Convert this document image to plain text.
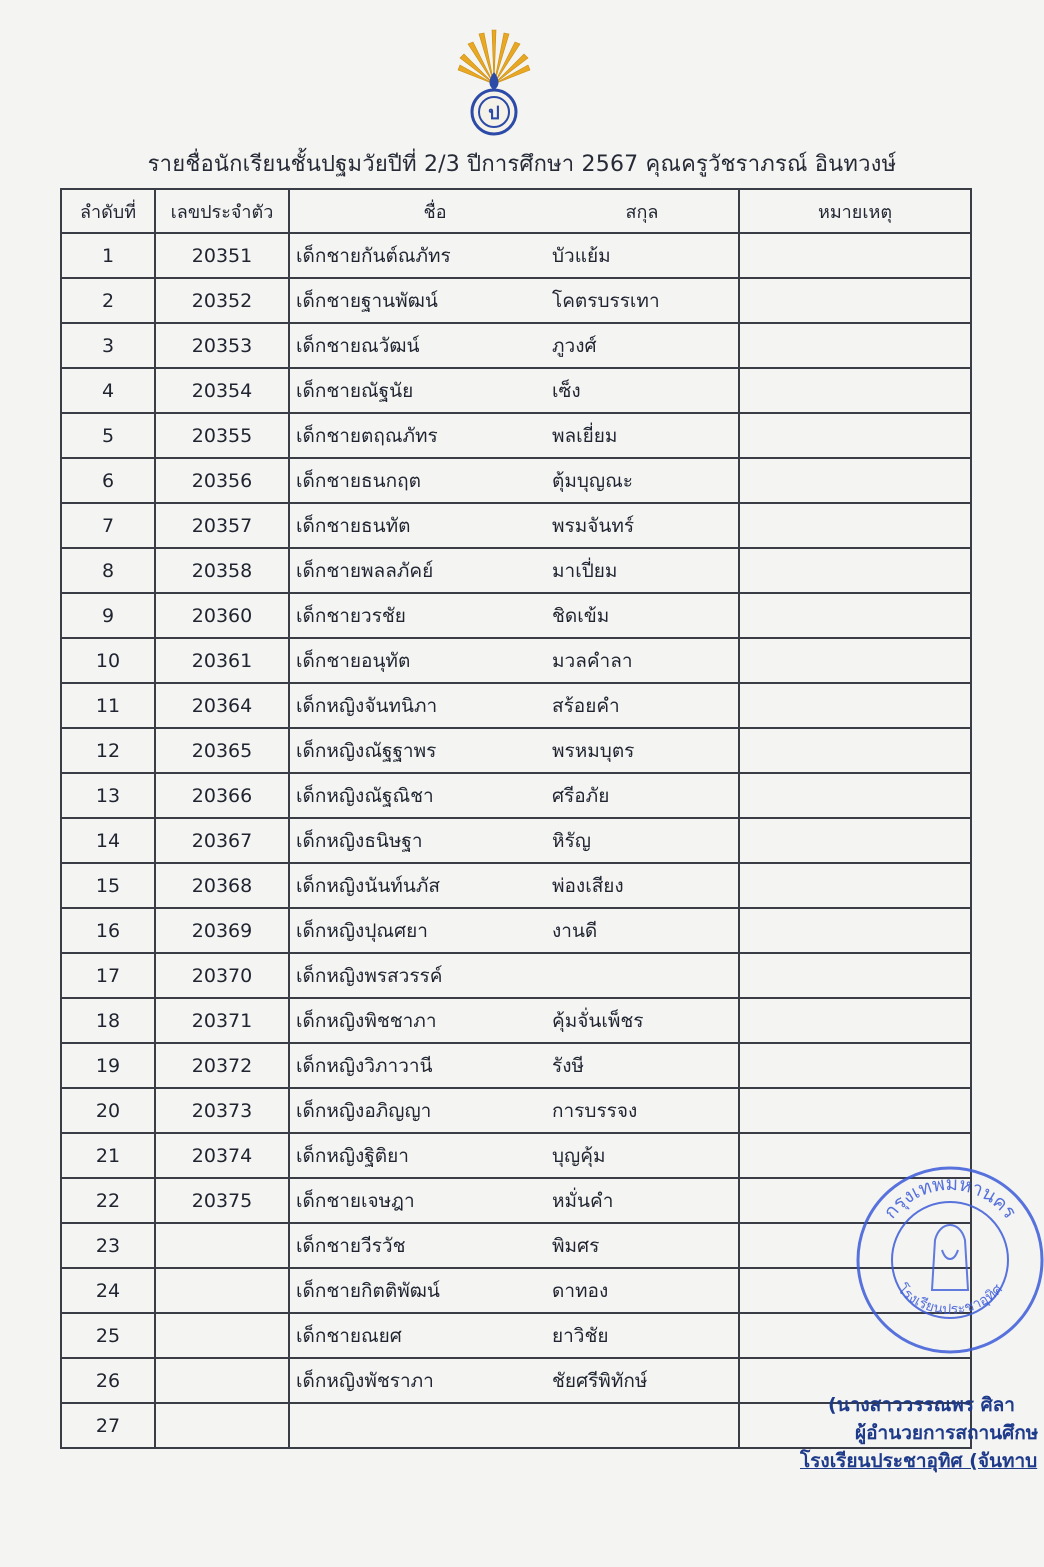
ป
รายชื่อนักเรียนชั้นปฐมวัยปีที่ 2/3 ปีการศึกษา 2567 คุณครูวัชราภรณ์ อินทวงษ์
ลำดับที่	เลขประจำตัว	ชื่อ	สกุล	หมายเหตุ
1	20351	เด็กชายกันต์ณภัทร	บัวแย้ม	
2	20352	เด็กชายฐานพัฒน์	โคตรบรรเทา	
3	20353	เด็กชายณวัฒน์	ภูวงศ์	
4	20354	เด็กชายณัฐนัย	เซ็ง	
5	20355	เด็กชายตฤณภัทร	พลเยี่ยม	
6	20356	เด็กชายธนกฤต	ตุ้มบุญณะ	
7	20357	เด็กชายธนทัต	พรมจันทร์	
8	20358	เด็กชายพลลภัคย์	มาเปี่ยม	
9	20360	เด็กชายวรชัย	ชิดเข้ม	
10	20361	เด็กชายอนุทัต	มวลคำลา	
11	20364	เด็กหญิงจันทนิภา	สร้อยคำ	
12	20365	เด็กหญิงณัฐฐาพร	พรหมบุตร	
13	20366	เด็กหญิงณัฐณิชา	ศรีอภัย	
14	20367	เด็กหญิงธนิษฐา	หิรัญ	
15	20368	เด็กหญิงนันท์นภัส	พ่องเสียง	
16	20369	เด็กหญิงปุณศยา	งานดี	
17	20370	เด็กหญิงพรสวรรค์		
18	20371	เด็กหญิงพิชชาภา	คุ้มจั่นเพ็ชร	
19	20372	เด็กหญิงวิภาวานี	รังษี	
20	20373	เด็กหญิงอภิญญา	การบรรจง	
21	20374	เด็กหญิงฐิติยา	บุญคุ้ม	
22	20375	เด็กชายเจษฎา	หมั่นคำ	
23		เด็กชายวีรวัช	พิมศร	
24		เด็กชายกิตติพัฒน์	ดาทอง	
25		เด็กชายณยศ	ยาวิชัย	
26		เด็กหญิงพัชราภา	ชัยศรีพิทักษ์	
27				
กรุงเทพมหานคร
โรงเรียนประชาอุทิศ
(นางสาววรรณพร ศิลา
ผู้อำนวยการสถานศึกษ
โรงเรียนประชาอุทิศ (จันทาบ
